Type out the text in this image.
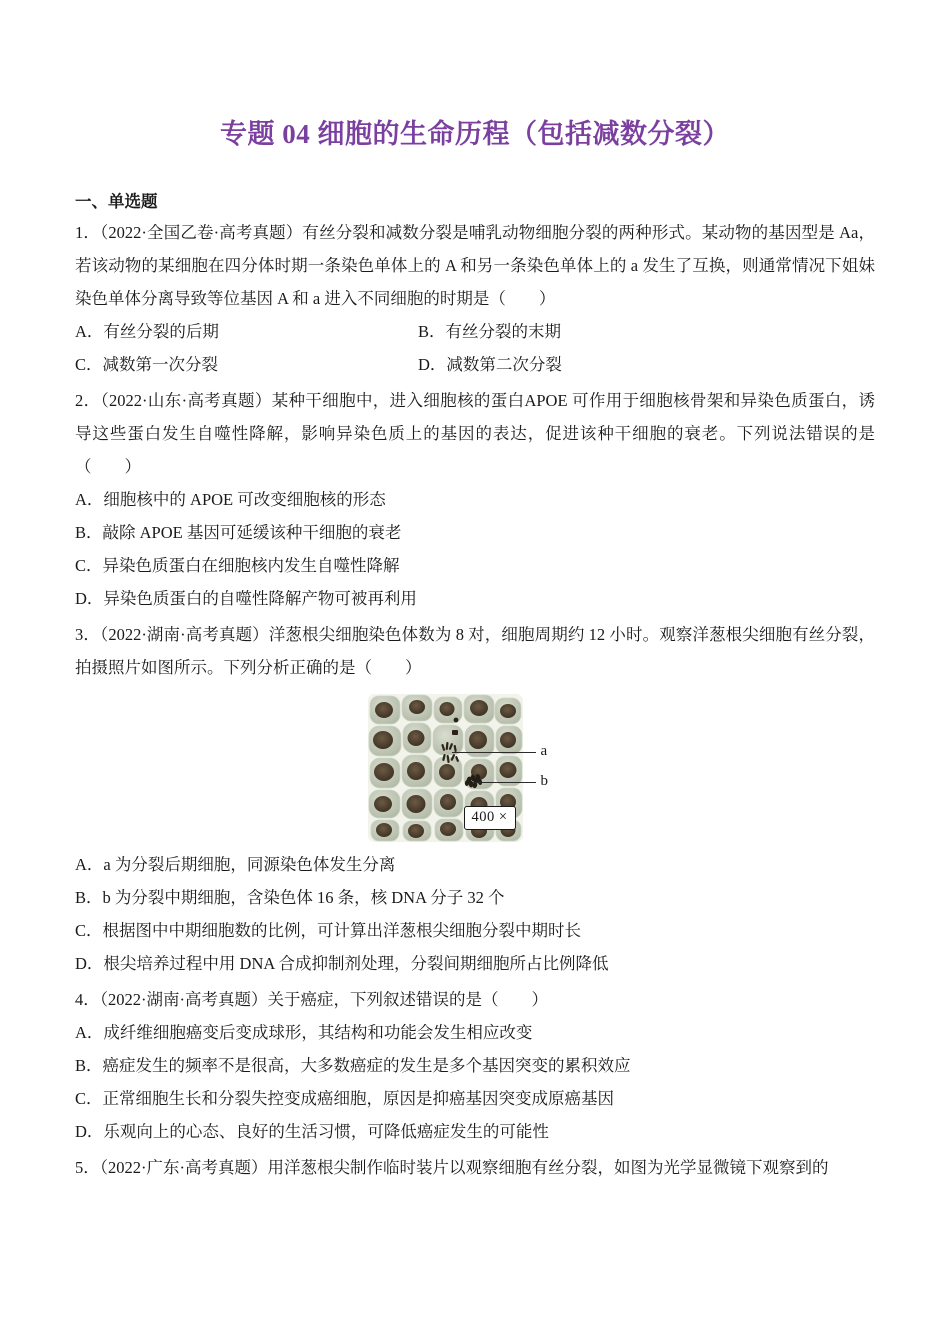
专题 04 细胞的生命历程（包括减数分裂）
一、单选题

1．（2022·全国乙卷·高考真题）有丝分裂和减数分裂是哺乳动物细胞分裂的两种形式。某动物的基因型是 Aa，若该动物的某细胞在四分体时期一条染色单体上的 A 和另一条染色单体上的 a 发生了互换，则通常情况下姐妹染色单体分离导致等位基因 A 和 a 进入不同细胞的时期是（　　）

A．有丝分裂的后期	B．有丝分裂的末期
C．减数第一次分裂	D．减数第二次分裂

2．（2022·山东·高考真题）某种干细胞中，进入细胞核的蛋白APOE 可作用于细胞核骨架和异染色质蛋白，诱导这些蛋白发生自噬性降解，影响异染色质上的基因的表达，促进该种干细胞的衰老。下列说法错误的是（　　）

A．细胞核中的 APOE 可改变细胞核的形态
B．敲除 APOE 基因可延缓该种干细胞的衰老
C．异染色质蛋白在细胞核内发生自噬性降解
D．异染色质蛋白的自噬性降解产物可被再利用

3．（2022·湖南·高考真题）洋葱根尖细胞染色体数为 8 对，细胞周期约 12 小时。观察洋葱根尖细胞有丝分裂，拍摄照片如图所示。下列分析正确的是（　　）

a
b
400 ×
A．a 为分裂后期细胞，同源染色体发生分离
B．b 为分裂中期细胞，含染色体 16 条，核 DNA 分子 32 个
C．根据图中中期细胞数的比例，可计算出洋葱根尖细胞分裂中期时长
D．根尖培养过程中用 DNA 合成抑制剂处理，分裂间期细胞所占比例降低

4．（2022·湖南·高考真题）关于癌症，下列叙述错误的是（　　）

A．成纤维细胞癌变后变成球形，其结构和功能会发生相应改变
B．癌症发生的频率不是很高，大多数癌症的发生是多个基因突变的累积效应
C．正常细胞生长和分裂失控变成癌细胞，原因是抑癌基因突变成原癌基因
D．乐观向上的心态、良好的生活习惯，可降低癌症发生的可能性

5．（2022·广东·高考真题）用洋葱根尖制作临时装片以观察细胞有丝分裂，如图为光学显微镜下观察到的
